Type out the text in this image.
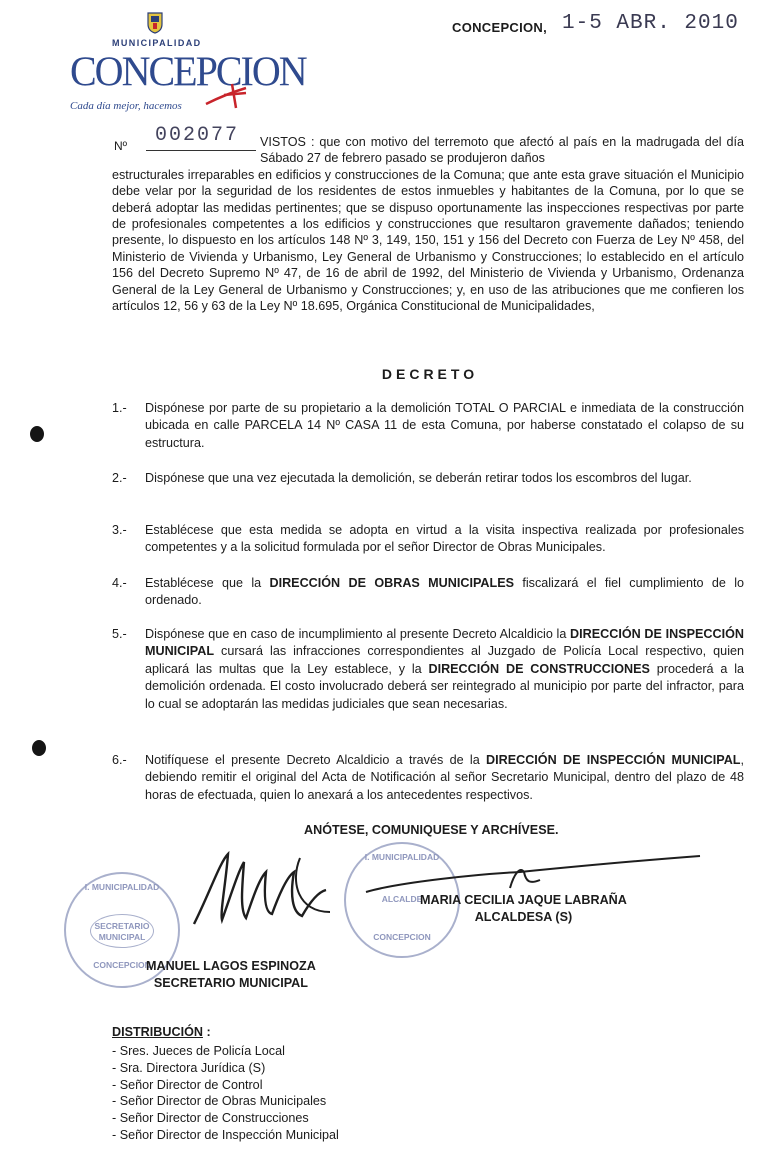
CONCEPCION, 1-5 ABR. 2010
MUNICIPALIDAD
CONCEPCION
Cada día mejor, hacemos
Nº 002077	VISTOS : que con motivo del terremoto que afectó al país en la madrugada del día Sábado 27 de febrero pasado se produjeron daños
estructurales irreparables en edificios y construcciones de la Comuna; que ante esta grave situación el Municipio debe velar por la seguridad de los residentes de estos inmuebles y habitantes de la Comuna, por lo que se deberá adoptar las medidas pertinentes; que se dispuso oportunamente las inspecciones respectivas por parte de profesionales competentes a los edificios y construcciones que resultaron gravemente dañados; teniendo presente, lo dispuesto en los artículos 148 Nº 3, 149, 150, 151 y 156 del Decreto con Fuerza de Ley Nº 458, del Ministerio de Vivienda y Urbanismo, Ley General de Urbanismo y Construcciones; lo establecido en el artículo 156 del Decreto Supremo Nº 47, de 16 de abril de 1992, del Ministerio de Vivienda y Urbanismo, Ordenanza General de la Ley General de Urbanismo y Construcciones; y, en uso de las atribuciones que me confieren los artículos 12, 56 y 63 de la Ley Nº 18.695, Orgánica Constitucional de Municipalidades,
DECRETO
1.- Dispónese por parte de su propietario a la demolición TOTAL O PARCIAL e inmediata de la construcción ubicada en calle PARCELA 14 Nº CASA 11 de esta Comuna, por haberse constatado el colapso de su estructura.
2.- Dispónese que una vez ejecutada la demolición, se deberán retirar todos los escombros del lugar.
3.- Establécese que esta medida se adopta en virtud a la visita inspectiva realizada por profesionales competentes y a la solicitud formulada por el señor Director de Obras Municipales.
4.- Establécese que la DIRECCIÓN DE OBRAS MUNICIPALES fiscalizará el fiel cumplimiento de lo ordenado.
5.- Dispónese que en caso de incumplimiento al presente Decreto Alcaldicio la DIRECCIÓN DE INSPECCIÓN MUNICIPAL cursará las infracciones correspondientes al Juzgado de Policía Local respectivo, quien aplicará las multas que la Ley establece, y la DIRECCIÓN DE CONSTRUCCIONES procederá a la demolición ordenada. El costo involucrado deberá ser reintegrado al municipio por parte del infractor, para lo cual se adoptarán las medidas judiciales que sean necesarias.
6.- Notifíquese el presente Decreto Alcaldicio a través de la DIRECCIÓN DE INSPECCIÓN MUNICIPAL, debiendo remitir el original del Acta de Notificación al señor Secretario Municipal, dentro del plazo de 48 horas de efectuada, quien lo anexará a los antecedentes respectivos.
ANÓTESE, COMUNIQUESE Y ARCHÍVESE.
I. MUNICIPALIDAD
SECRETARIO
MUNICIPAL
CONCEPCION
I. MUNICIPALIDAD
ALCALDE
CONCEPCION
MARIA CECILIA JAQUE LABRAÑA
ALCALDESA (S)
MANUEL LAGOS ESPINOZA
SECRETARIO MUNICIPAL
DISTRIBUCIÓN :
- Sres. Jueces de Policía Local
- Sra. Directora Jurídica (S)
- Señor Director de Control
- Señor Director de Obras Municipales
- Señor Director de Construcciones
- Señor Director de Inspección Municipal
